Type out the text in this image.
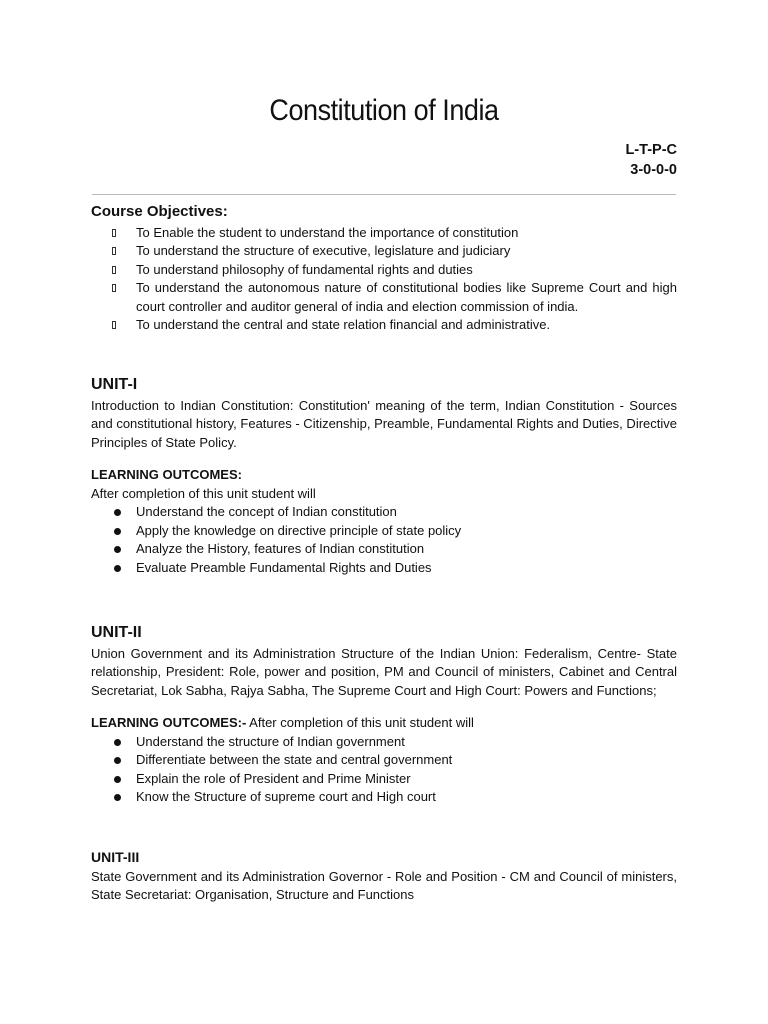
Constitution of India
L-T-P-C
3-0-0-0
Course Objectives:
To Enable the student to understand the importance of constitution
To understand the structure of executive, legislature and judiciary
To understand philosophy of fundamental rights and duties
To understand the autonomous nature of constitutional bodies like Supreme Court and high court controller and auditor general of india and election commission of india.
To understand the central and state relation financial and administrative.
UNIT-I
Introduction to Indian Constitution: Constitution' meaning of the term, Indian Constitution - Sources and constitutional history, Features - Citizenship, Preamble, Fundamental Rights and Duties, Directive Principles of State Policy.
LEARNING OUTCOMES:
After completion of this unit student will
Understand the concept of Indian constitution
Apply the knowledge on directive principle of state policy
Analyze the History, features of Indian constitution
Evaluate Preamble Fundamental Rights and Duties
UNIT-II
Union Government and its Administration Structure of the Indian Union: Federalism, Centre- State relationship, President: Role, power and position, PM and Council of ministers, Cabinet and Central Secretariat, Lok Sabha, Rajya Sabha, The Supreme Court and High Court: Powers and Functions;
LEARNING OUTCOMES:- After completion of this unit student will
Understand the structure of Indian government
Differentiate between the state and central government
Explain the role of President and Prime Minister
Know the Structure of supreme court and High court
UNIT-III
State Government and its Administration Governor - Role and Position - CM and Council of ministers, State Secretariat: Organisation, Structure and Functions
